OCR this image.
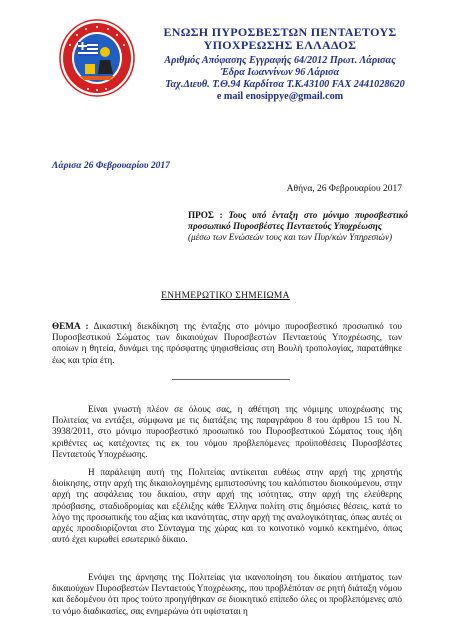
ΕΝΩΣΗ ΠΥΡΟΣΒΕΣΤΩΝ ΠΕΝΤΑΕΤΟΥΣ
ΥΠΟΧΡΕΩΣΗΣ ΕΛΛΑΔΟΣ
Αριθμός Απόφασης Εγγραφής 64/2012 Πρωτ. Λάρισας
Έδρα Ιωαννίνων 96 Λάρισα
Ταχ.Διευθ. Τ.Θ.94 Καρδίτσα Τ.Κ.43100 FAX 2441028620
e mail enosippye@gmail.com
Λάρισα 26 Φεβρουαρίου 2017
Αθήνα, 26 Φεβρουαρίου 2017
ΠΡΟΣ : Τους υπό ένταξη στο μόνιμο πυροσβεστικό προσωπικό Πυροσβέστες Πενταετούς Υποχρέωσης
(μέσω των Ενώσεών τους και των Πυρ/κών Υπηρεσιών)
ΕΝΗΜΕΡΩΤΙΚΟ ΣΗΜΕΙΩΜΑ
ΘΕΜΑ : Δικαστική διεκδίκηση της ένταξης στο μόνιμο πυροσβεστικό προσωπικό του Πυροσβεστικού Σώματος των δικαιούχων Πυροσβεστών Πενταετούς Υποχρέωσης, των οποίων η θητεία, δυνάμει της πρόσφατης ψηφισθείσας στη Βουλή τροπολογίας, παρατάθηκε έως και τρία έτη.
Είναι γνωστή πλέον σε όλους σας, η αθέτηση της νόμιμης υποχρέωσης της Πολιτείας να εντάξει, σύμφωνα με τις διατάξεις της παραγράφου 8 του άρθρου 15 του Ν. 3938/2011, στο μόνιμο πυροσβεστικό προσωπικό του Πυροσβεστικού Σώματος τους ήδη κριθέντες ως κατέχοντες τις εκ του νόμου προβλεπόμενες προϋποθέσεις Πυροσβέστες Πενταετούς Υποχρέωσης.
Η παράλειψη αυτή της Πολιτείας αντίκειται ευθέως στην αρχή της χρηστής διοίκησης, στην αρχή της δικαιολογημένης εμπιστοσύνης του καλόπιστου διοικούμενου, στην αρχή της ασφάλειας του δικαίου, στην αρχή της ισότητας, στην αρχή της ελεύθερης πρόσβασης, σταδιοδρομίας και εξέλιξης κάθε Έλληνα πολίτη στις δημόσιες θέσεις, κατά το λόγο της προσωπικής του αξίας και ικανότητας, στην αρχή της αναλογικότητας, όπως αυτές οι αρχές προσδιορίζονται στο Σύνταγμα της χώρας και το κοινοτικό νομικό κεκτημένο, όπως αυτό έχει κυρωθεί εσωτερικό δίκαιο.
Ενόψει της άρνησης της Πολιτείας για ικανοποίηση του δικαίου αιτήματος των δικαιούχων Πυροσβεστών Πενταετούς Υποχρέωσης, που προβλέπόταν σε ρητή διάταξη νόμου και δεδομένου ότι προς τούτο προηγήθηκαν σε διοικητικό επίπεδο όλες οι προβλεπόμενες από το νόμο διαδικασίες, σας ενημερώνω ότι υφίσταται η
